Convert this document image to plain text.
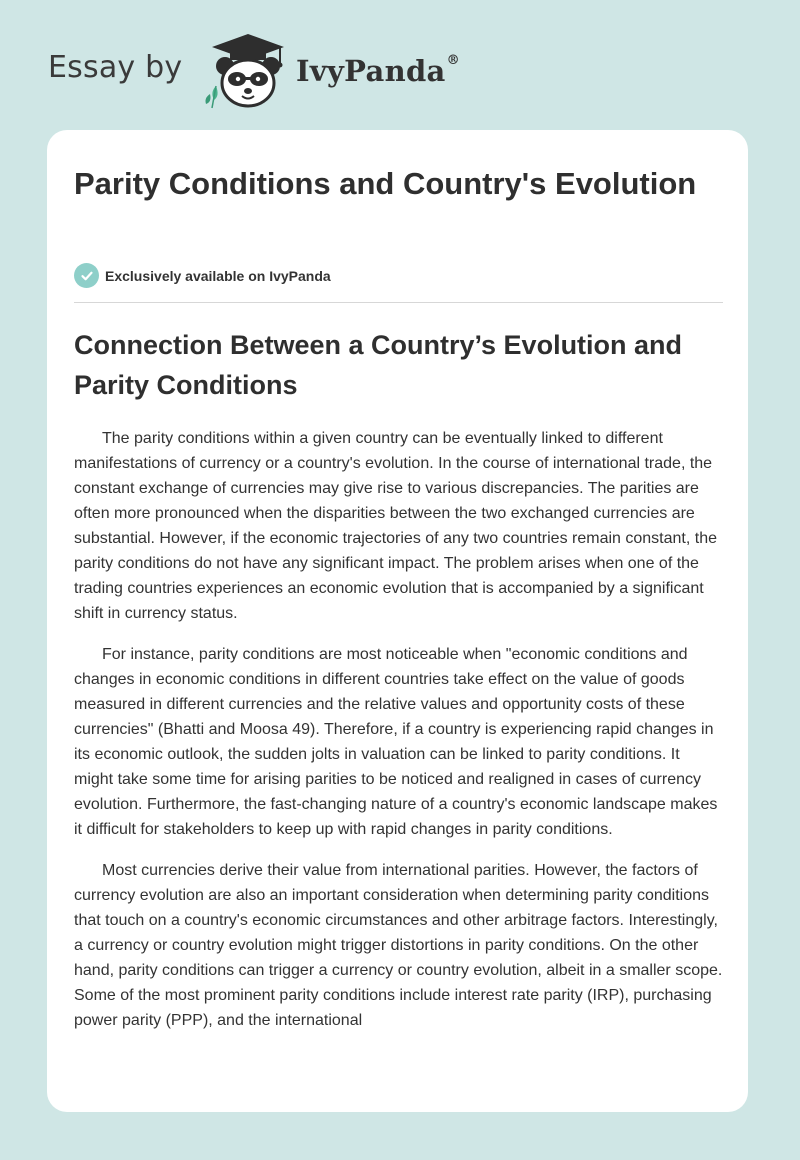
Essay by	IvyPanda®
Parity Conditions and Country's Evolution
Exclusively available on IvyPanda
Connection Between a Country’s Evolution and Parity Conditions

The parity conditions within a given country can be eventually linked to different manifestations of currency or a country's evolution. In the course of international trade, the constant exchange of currencies may give rise to various discrepancies. The parities are often more pronounced when the disparities between the two exchanged currencies are substantial. However, if the economic trajectories of any two countries remain constant, the parity conditions do not have any significant impact. The problem arises when one of the trading countries experiences an economic evolution that is accompanied by a significant shift in currency status.

For instance, parity conditions are most noticeable when "economic conditions and changes in economic conditions in different countries take effect on the value of goods measured in different currencies and the relative values and opportunity costs of these currencies" (Bhatti and Moosa 49). Therefore, if a country is experiencing rapid changes in its economic outlook, the sudden jolts in valuation can be linked to parity conditions. It might take some time for arising parities to be noticed and realigned in cases of currency evolution. Furthermore, the fast-changing nature of a country's economic landscape makes it difficult for stakeholders to keep up with rapid changes in parity conditions.

Most currencies derive their value from international parities. However, the factors of currency evolution are also an important consideration when determining parity conditions that touch on a country's economic circumstances and other arbitrage factors. Interestingly, a currency or country evolution might trigger distortions in parity conditions. On the other hand, parity conditions can trigger a currency or country evolution, albeit in a smaller scope. Some of the most prominent parity conditions include interest rate parity (IRP), purchasing power parity (PPP), and the international
